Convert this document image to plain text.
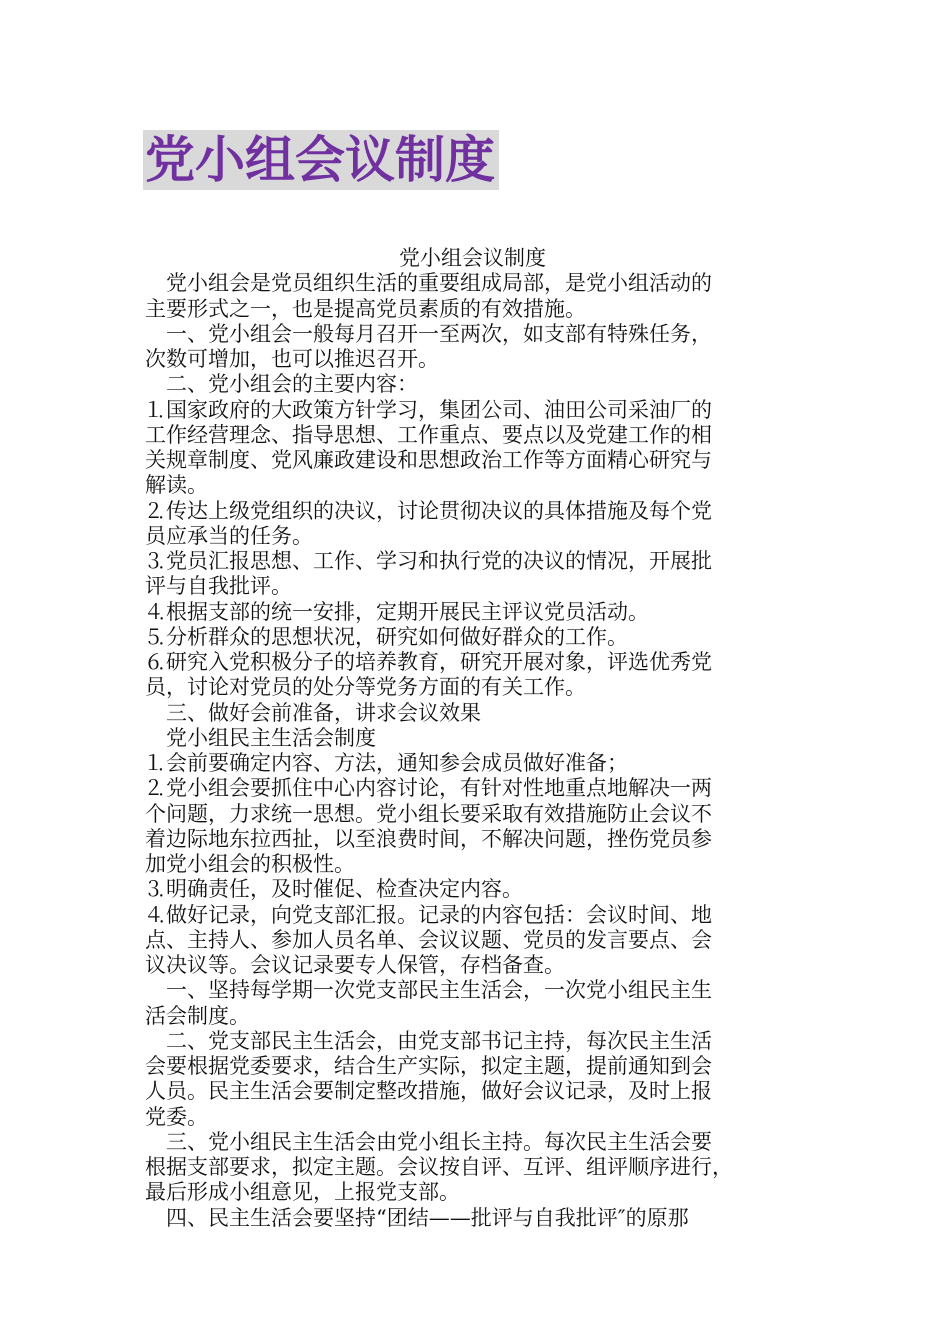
党小组会议制度
党小组会议制度
　党小组会是党员组织生活的重要组成局部，是党小组活动的
主要形式之一，也是提高党员素质的有效措施。
　一、党小组会一般每月召开一至两次，如支部有特殊任务，
次数可增加，也可以推迟召开。
　二、党小组会的主要内容：
⒈国家政府的大政策方针学习，集团公司、油田公司采油厂的
工作经营理念、指导思想、工作重点、要点以及党建工作的相
关规章制度、党风廉政建设和思想政治工作等方面精心研究与
解读。
⒉传达上级党组织的决议，讨论贯彻决议的具体措施及每个党
员应承当的任务。
⒊党员汇报思想、工作、学习和执行党的决议的情况，开展批
评与自我批评。
⒋根据支部的统一安排，定期开展民主评议党员活动。
⒌分析群众的思想状况，研究如何做好群众的工作。
⒍研究入党积极分子的培养教育，研究开展对象，评选优秀党
员，讨论对党员的处分等党务方面的有关工作。
　三、做好会前准备，讲求会议效果
　党小组民主生活会制度
⒈会前要确定内容、方法，通知参会成员做好准备；
⒉党小组会要抓住中心内容讨论，有针对性地重点地解决一两
个问题，力求统一思想。党小组长要采取有效措施防止会议不
着边际地东拉西扯，以至浪费时间，不解决问题，挫伤党员参
加党小组会的积极性。
⒊明确责任，及时催促、检查决定内容。
⒋做好记录，向党支部汇报。记录的内容包括：会议时间、地
点、主持人、参加人员名单、会议议题、党员的发言要点、会
议决议等。会议记录要专人保管，存档备查。
　一、坚持每学期一次党支部民主生活会，一次党小组民主生
活会制度。
　二、党支部民主生活会，由党支部书记主持，每次民主生活
会要根据党委要求，结合生产实际，拟定主题，提前通知到会
人员。民主生活会要制定整改措施，做好会议记录，及时上报
党委。
　三、党小组民主生活会由党小组长主持。每次民主生活会要
根据支部要求，拟定主题。会议按自评、互评、组评顺序进行，
最后形成小组意见，上报党支部。
　四、民主生活会要坚持“团结——批评与自我批评″的原那
